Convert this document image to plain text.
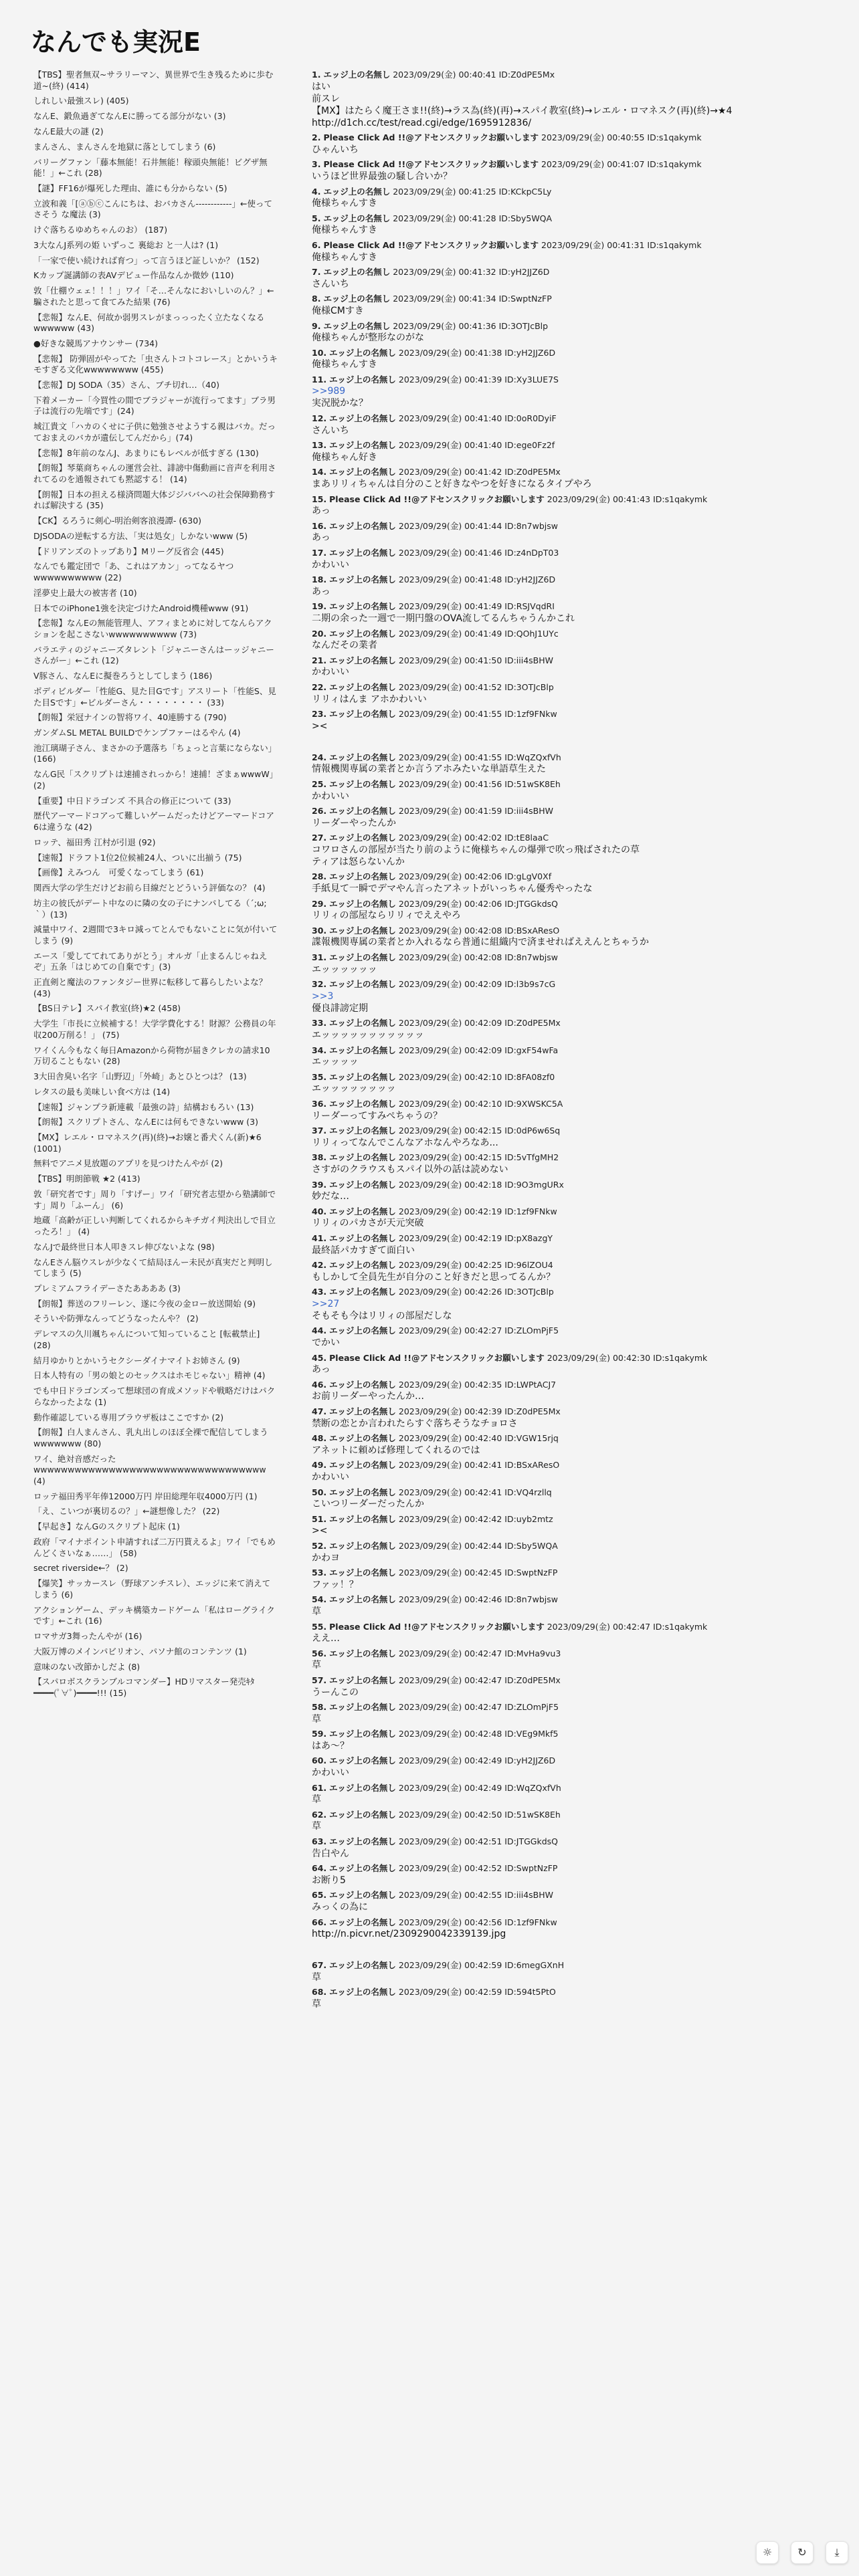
なんでも実況E
【TBS】聖者無双~サラリーマン、異世界で生き残るために歩む道~(終) (414)
しれしい最強スレ) (405)
なんE、鍛魚過ぎてなんEに勝ってる部分がない (3)
なんE最大の謎 (2)
まんさん、まんさんを地獄に落としてしまう (6)
バリーグファン「藤本無能！石井無能！稼頭央無能！ビグザ無能！」←これ (28)
【謎】FF16が爆死した理由、誰にも分からない (5)
立波和義「[ⓐⓑⓒこんにちは、おバカさん------------」←使ってさそう な魔法 (3)
けぐ落ちるゆめちゃんのお） (187)
3大なんJ系列の姫 いずっこ 裏総お と一人は? (1)
「一家で使い続ければ育つ」って言うほど証しいか？ (152)
Kカップ誕講師の表AVデビュー作品なんか微妙 (110)
敦「仕棚ウェェ！！！」ワイ「そ…そんなにおいしいのん？」←騙されたと思って食てみた結果 (76)
【悲報】なんE、何故か弱男スレがまっっったく立たなくなるwwwwww (43)
●好きな競馬アナウンサー (734)
【悲報】 防弾固がやってた「虫さんトコトコレース」とかいうキモすぎる文化wwwwwwww (455)
【悲報】DJ SODA（35）さん、ブチ切れ…（40)
下着メーカー「今買性の間でブラジャーが流行ってます」ブラ男子は流行の先端です」(24)
城江貴文「ハカのくせに子供に勉強させようする親はバカ。だっておまえのバカが遺伝してんだから」(74)
【悲報】8年前のなんJ、あまりにもレベルが低すぎる (130)
【朗報】琴葉商ちゃんの運営会社、誹謗中傷動画に音声を利用されてるのを通報されても黙認する！ (14)
【朗報】日本の担える様済問題大体ジジババへの社会保障勤務すれば解決する (35)
【CK】るろうに剣心-明治剣客浪漫譚- (630)
DJSODAの逆転する方法、「実は処女」しかないwww (5)
【ドリアンズのトップあり】Mリーグ反省会 (445)
なんでも鑑定団で「あ、これはアカン」ってなるヤつwwwwwwwwww (22)
淫夢史上最大の被害者 (10)
日本でのiPhone1強を決定づけたAndroid機種www (91)
【悲報】なんEの無能管理人、アフィまとめに対してなんらアクションを起こさないwwwwwwwwww (73)
バラエティのジャニーズタレント「ジャニーさんはーッジャニーさんがー」←これ (12)
V豚さん、なんEに擬巻ろうとしてしまう (186)
ボディビルダー「性能G、見た目Gです」アスリート「性能S、見た目Sです」←ビルダーさん・・・・・・・・ (33)
【朗報】栄冠ナインの智将ワイ、40連勝する (790)
ガンダムSL METAL BUILDでケンプファーはるやん (4)
池江璃瑚子さん、まさかの予選落ち「ちょっと言葉にならない」(166)
なんG民「スクリプトは速捕されっから！速捕！ざまぁwwwW」 (2)
【重要】中日ドラゴンズ 不具合の修正について (33)
歴代アーマードコアって難しいゲームだったけどアーマードコア6は違うな (42)
ロッテ、福田秀 江村が引退 (92)
【速報】ドラフト1位2位候補24人、ついに出揃う (75)
【画像】えみつん　可愛くなってしまう (61)
関西大学の学生だけどお前ら目線だとどういう評価なの？ (4)
坊主の彼氏がデート中なのに隣の女の子にナンパしてる（´;ω;｀）(13)
減量中ワイ、2週間で3キロ減ってとんでもないことに気が付いてしまう (9)
エース「愛しててれてありがとう」オルガ「止まるんじゃねえぞ」五条「はじめての自棄です」(3)
正直剣と魔法のファンタジー世界に転移して暮らしたいよな？ (43)
【BS日テレ】スパイ教室(終)★2 (458)
大学生「市長に立候補する！大学学費化する！財源？公務員の年収200万削る！」 (75)
ワイくん今もなく毎日Amazonから荷物が届きクレカの請求10万切ることもない (28)
3大田舎臭い名字「山野辺」「外崎」あとひとつは？ (13)
レタスの最も美味しい食べ方は (14)
【速報】ジャンプラ新連載「最強の詩」結構おもろい (13)
【朗報】スクリプトさん、なんEには何もできないwww (3)
【MX】レエル・ロマネスク(再)(終)→お嬢と番犬くん(新)★6 (1001)
無料でアニメ見放題のアプリを見つけたんやが (2)
【TBS】明朗節戦 ★2 (413)
敦「研究者です」周り「すげー」ワイ「研究者志望から塾講師です」周り「ふーん」 (6)
地蔵「高齢が正しい判断してくれるからキチガイ判決出しで目立ったろ！」 (4)
なんJで最終世日本人叩きスレ伸びないよな (98)
なんEさん脳ウスレが少なくて結局ほんー未民が真実だと判明してしまう (5)
プレミアムフライデーさたああああ (3)
【朗報】葬送のフリーレン、遂に今夜の金ロー放送開始 (9)
そういや防弾なんってどうなったんや？ (2)
デレマスの久川颯ちゃんについて知っていること [転載禁止] (28)
結月ゆかりとかいうセクシーダイナマイトお姉さん (9)
日本人特有の「男の娘とのセックスはホモじゃない」精神 (4)
でも中日ドラゴンズって想球団の育成メソッドや戦略だけはパクらなかったよな (1)
動作確認している専用ブラウザ板はここですか (2)
【朗報】白人まんさん、乳丸出しのほぼ全裸で配信してしまうwwwwwww (80)
ワイ、絶対音感だった wwwwwwwwwwwwwwwwwwwwwwwwwwwwwwwwww (4)
ロッテ福田秀平年俸12000万円 岸田総理年収4000万円 (1)
「え、こいつが裏切るの？」←謎想像した？ (22)
【早起き】なんGのスクリプト起床 (1)
政府「マイナポイント申請すれば二万円貰えるよ」ワイ「でもめんどくさいなぁ……」 (58)
secret riverside←？ (2)
【爆笑】サッカースレ（野球アンチスレ）、エッジに来て消えてしまう (6)
アクションゲーム、デッキ構築カードゲーム「私はローグライクです」←これ (16)
ロマサガ3舞ったんやが (16)
大阪万博のメインパビリオン、パソナ館のコンテンツ (1)
意味のない改節かしだよ (8)
【スパロボスクランブルコマンダー】HDリマスター発売ｷﾀ━━━━(ﾟ∀ﾟ)━━━━!!! (15)
1. エッジ上の名無し 2023/09/29(金) 00:40:41 ID:Z0dPE5Mx
はい
前スレ
【MX】はたらく魔王さま!!(終)→ラス為(終)(再)→スパイ教室(終)→レエル・ロマネスク(再)(終)→★4
http://d1ch.cc/test/read.cgi/edge/1695912836/
2. Please Click Ad !!@アドセンスクリックお願いします 2023/09/29(金) 00:40:55 ID:s1qakymk
ひゃんいち
3. Please Click Ad !!@アドセンスクリックお願いします 2023/09/29(金) 00:41:07 ID:s1qakymk
いうほど世界最強の騒し合いか？
4. エッジ上の名無し 2023/09/29(金) 00:41:25 ID:KCkpC5Ly
俺様ちゃんすき
5. エッジ上の名無し 2023/09/29(金) 00:41:28 ID:Sby5WQA
俺様ちゃんすき
6. Please Click Ad !!@アドセンスクリックお願いします 2023/09/29(金) 00:41:31 ID:s1qakymk
俺様ちゃんすき
7. エッジ上の名無し 2023/09/29(金) 00:41:32 ID:yH2JJZ6D
さんいち
8. エッジ上の名無し 2023/09/29(金) 00:41:34 ID:SwptNzFP
俺様CMすき
9. エッジ上の名無し 2023/09/29(金) 00:41:36 ID:3OTJcBlp
俺様ちゃんが整形なのがな
10. エッジ上の名無し 2023/09/29(金) 00:41:38 ID:yH2JJZ6D
俺様ちゃんすき
11. エッジ上の名無し 2023/09/29(金) 00:41:39 ID:Xy3LUE7S
>>989
実況脱かな？
12. エッジ上の名無し 2023/09/29(金) 00:41:40 ID:0oR0DyiF
さんいち
13. エッジ上の名無し 2023/09/29(金) 00:41:40 ID:ege0Fz2f
俺様ちゃん好き
14. エッジ上の名無し 2023/09/29(金) 00:41:42 ID:Z0dPE5Mx
まあリリィちゃんは自分のこと好きなやつを好きになるタイプやろ
15. Please Click Ad !!@アドセンスクリックお願いします 2023/09/29(金) 00:41:43 ID:s1qakymk
あっ
16. エッジ上の名無し 2023/09/29(金) 00:41:44 ID:8n7wbjsw
あっ
17. エッジ上の名無し 2023/09/29(金) 00:41:46 ID:z4nDpT03
かわいい
18. エッジ上の名無し 2023/09/29(金) 00:41:48 ID:yH2JJZ6D
あっ
19. エッジ上の名無し 2023/09/29(金) 00:41:49 ID:RSJVqdRI
二期の余った一週で一期円盤のOVA流してるんちゃうんかこれ
20. エッジ上の名無し 2023/09/29(金) 00:41:49 ID:QOhJ1UYc
なんだその業者
21. エッジ上の名無し 2023/09/29(金) 00:41:50 ID:iii4sBHW
かわいい
22. エッジ上の名無し 2023/09/29(金) 00:41:52 ID:3OTJcBlp
リリィはんま アホかわいい
23. エッジ上の名無し 2023/09/29(金) 00:41:55 ID:1zf9FNkw
><
24. エッジ上の名無し 2023/09/29(金) 00:41:55 ID:WqZQxfVh
情報機関専属の業者とか言うアホみたいな単語草生えた
25. エッジ上の名無し 2023/09/29(金) 00:41:56 ID:51wSK8Eh
かわいい
26. エッジ上の名無し 2023/09/29(金) 00:41:59 ID:iii4sBHW
リーダーやったんか
27. エッジ上の名無し 2023/09/29(金) 00:42:02 ID:tE8laaC
コワロさんの部屋が当たり前のように俺様ちゃんの爆弾で吹っ飛ばされたの草
ティアは怒らないんか
28. エッジ上の名無し 2023/09/29(金) 00:42:06 ID:gLgV0Xf
手紙見て一瞬でデマやん言ったアネットがいっちゃん優秀やったな
29. エッジ上の名無し 2023/09/29(金) 00:42:06 ID:JTGGkdsQ
リリィの部屋ならリリィでええやろ
30. エッジ上の名無し 2023/09/29(金) 00:42:08 ID:BSxAResO
諜報機関専属の業者とか入れるなら普通に組織内で済ませればええんとちゃうか
31. エッジ上の名無し 2023/09/29(金) 00:42:08 ID:8n7wbjsw
エッッッッッッ
32. エッジ上の名無し 2023/09/29(金) 00:42:09 ID:l3b9s7cG
>>3
優良誹謗定期
33. エッジ上の名無し 2023/09/29(金) 00:42:09 ID:Z0dPE5Mx
エッッッッッッッッッッッ
34. エッジ上の名無し 2023/09/29(金) 00:42:09 ID:gxF54wFa
エッッッッ
35. エッジ上の名無し 2023/09/29(金) 00:42:10 ID:8FA08zf0
エッッッッッッッッ
36. エッジ上の名無し 2023/09/29(金) 00:42:10 ID:9XWSKC5A
リーダーってすみぺちゃうの？
37. エッジ上の名無し 2023/09/29(金) 00:42:15 ID:0dP6w6Sq
リリィってなんでこんなアホなんやろなあ...
38. エッジ上の名無し 2023/09/29(金) 00:42:15 ID:5vTfgMH2
さすがのクラウスもスパイ以外の話は読めない
39. エッジ上の名無し 2023/09/29(金) 00:42:18 ID:9O3mgURx
妙だな…
40. エッジ上の名無し 2023/09/29(金) 00:42:19 ID:1zf9FNkw
リリィのパカさが天元突破
41. エッジ上の名無し 2023/09/29(金) 00:42:19 ID:pX8azgY
最終話パカすぎて面白い
42. エッジ上の名無し 2023/09/29(金) 00:42:25 ID:96lZOU4
もしかして全員先生が自分のこと好きだと思ってるんか？
43. エッジ上の名無し 2023/09/29(金) 00:42:26 ID:3OTJcBlp
>>27
そもそも今はリリィの部屋だしな
44. エッジ上の名無し 2023/09/29(金) 00:42:27 ID:ZLOmPjF5
でかい
45. Please Click Ad !!@アドセンスクリックお願いします 2023/09/29(金) 00:42:30 ID:s1qakymk
あっ
46. エッジ上の名無し 2023/09/29(金) 00:42:35 ID:LWPtACJ7
お前リーダーやったんか…
47. エッジ上の名無し 2023/09/29(金) 00:42:39 ID:Z0dPE5Mx
禁断の恋とか言われたらすぐ落ちそうなチョロさ
48. エッジ上の名無し 2023/09/29(金) 00:42:40 ID:VGW15rjq
アネットに頼めば修理してくれるのでは
49. エッジ上の名無し 2023/09/29(金) 00:42:41 ID:BSxAResO
かわいい
50. エッジ上の名無し 2023/09/29(金) 00:42:41 ID:VQ4rzllq
こいつリーダーだったんか
51. エッジ上の名無し 2023/09/29(金) 00:42:42 ID:uyb2mtz
><
52. エッジ上の名無し 2023/09/29(金) 00:42:44 ID:Sby5WQA
かわヨ
53. エッジ上の名無し 2023/09/29(金) 00:42:45 ID:SwptNzFP
ファッ！？
54. エッジ上の名無し 2023/09/29(金) 00:42:46 ID:8n7wbjsw
草
55. Please Click Ad !!@アドセンスクリックお願いします 2023/09/29(金) 00:42:47 ID:s1qakymk
ええ…
56. エッジ上の名無し 2023/09/29(金) 00:42:47 ID:MvHa9vu3
草
57. エッジ上の名無し 2023/09/29(金) 00:42:47 ID:Z0dPE5Mx
うーんこの
58. エッジ上の名無し 2023/09/29(金) 00:42:47 ID:ZLOmPjF5
草
59. エッジ上の名無し 2023/09/29(金) 00:42:48 ID:VEg9Mkf5
はあ～？
60. エッジ上の名無し 2023/09/29(金) 00:42:49 ID:yH2JJZ6D
かわいい
61. エッジ上の名無し 2023/09/29(金) 00:42:49 ID:WqZQxfVh
草
62. エッジ上の名無し 2023/09/29(金) 00:42:50 ID:51wSK8Eh
草
63. エッジ上の名無し 2023/09/29(金) 00:42:51 ID:JTGGkdsQ
告白やん
64. エッジ上の名無し 2023/09/29(金) 00:42:52 ID:SwptNzFP
お断り5
65. エッジ上の名無し 2023/09/29(金) 00:42:55 ID:iii4sBHW
みっくの為に
66. エッジ上の名無し 2023/09/29(金) 00:42:56 ID:1zf9FNkw
http://n.picvr.net/2309290042339139.jpg
67. エッジ上の名無し 2023/09/29(金) 00:42:59 ID:6megGXnH
草
68. エッジ上の名無し 2023/09/29(金) 00:42:59 ID:594t5PtO
草
☼	↻	⤓
